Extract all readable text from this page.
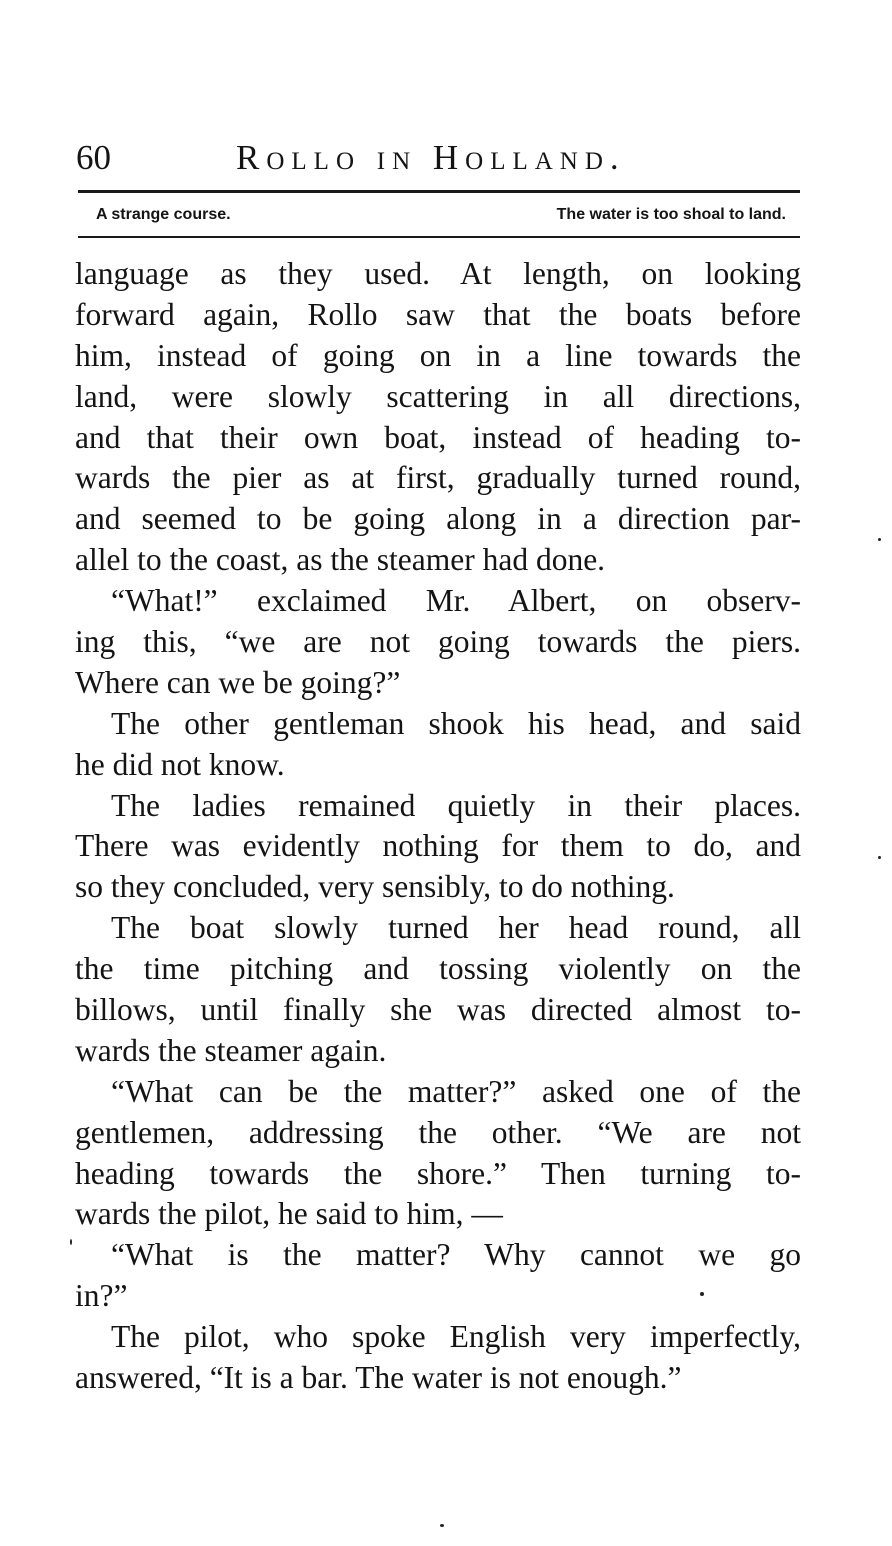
60	Rollo in Holland.
A strange course.	The water is too shoal to land.
language as they used. At length, on looking
forward again, Rollo saw that the boats before
him, instead of going on in a line towards the
land, were slowly scattering in all directions,
and that their own boat, instead of heading to-
wards the pier as at first, gradually turned round,
and seemed to be going along in a direction par-
allel to the coast, as the steamer had done.
“What!” exclaimed Mr. Albert, on observ-
ing this, “we are not going towards the piers.
Where can we be going?”
The other gentleman shook his head, and said
he did not know.
The ladies remained quietly in their places.
There was evidently nothing for them to do, and
so they concluded, very sensibly, to do nothing.
The boat slowly turned her head round, all
the time pitching and tossing violently on the
billows, until finally she was directed almost to-
wards the steamer again.
“What can be the matter?” asked one of the
gentlemen, addressing the other. “We are not
heading towards the shore.” Then turning to-
wards the pilot, he said to him, —
“What is the matter? Why cannot we go
in?”
The pilot, who spoke English very imperfectly,
answered, “It is a bar. The water is not enough.”
